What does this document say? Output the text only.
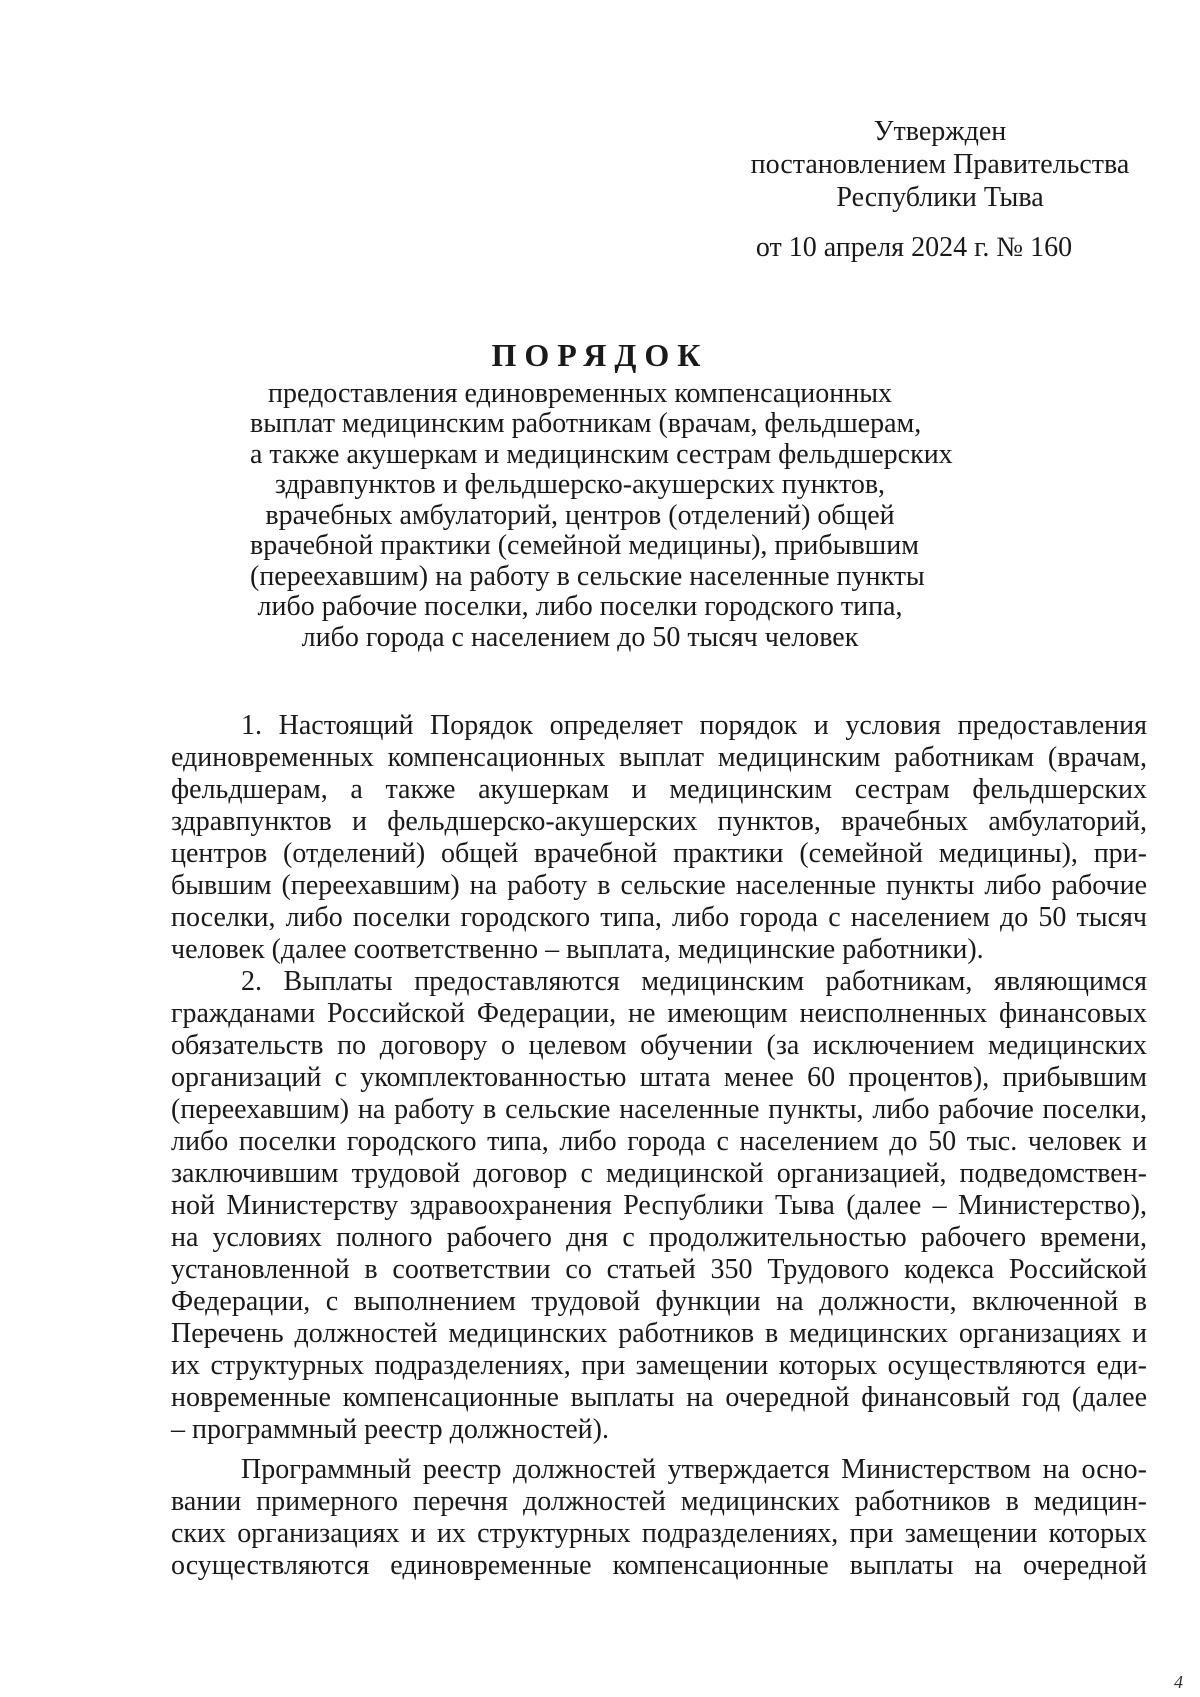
Утвержден
постановлением Правительства
Республики Тыва
от 10 апреля 2024 г. № 160
ПОРЯДОК
предоставления единовременных компенсационных
выплат медицинским работникам (врачам, фельдшерам,
а также акушеркам и медицинским сестрам фельдшерских
здравпунктов и фельдшерско-акушерских пунктов,
врачебных амбулаторий, центров (отделений) общей
врачебной практики (семейной медицины), прибывшим
(переехавшим) на работу в сельские населенные пункты
либо рабочие поселки, либо поселки городского типа,
либо города с населением до 50 тысяч человек
1. Настоящий Порядок определяет порядок и условия предоставления
единовременных компенсационных выплат медицинским работникам (врачам,
фельдшерам, а также акушеркам и медицинским сестрам фельдшерских
здравпунктов и фельдшерско-акушерских пунктов, врачебных амбулаторий,
центров (отделений) общей врачебной практики (семейной медицины), при-
бывшим (переехавшим) на работу в сельские населенные пункты либо рабочие
поселки, либо поселки городского типа, либо города с населением до 50 тысяч
человек (далее соответственно – выплата, медицинские работники).
2. Выплаты предоставляются медицинским работникам, являющимся
гражданами Российской Федерации, не имеющим неисполненных финансовых
обязательств по договору о целевом обучении (за исключением медицинских
организаций с укомплектованностью штата менее 60 процентов), прибывшим
(переехавшим) на работу в сельские населенные пункты, либо рабочие поселки,
либо поселки городского типа, либо города с населением до 50 тыс. человек и
заключившим трудовой договор с медицинской организацией, подведомствен-
ной Министерству здравоохранения Республики Тыва (далее – Министерство),
на условиях полного рабочего дня с продолжительностью рабочего времени,
установленной в соответствии со статьей 350 Трудового кодекса Российской
Федерации, с выполнением трудовой функции на должности, включенной в
Перечень должностей медицинских работников в медицинских организациях и
их структурных подразделениях, при замещении которых осуществляются еди-
новременные компенсационные выплаты на очередной финансовый год (далее
– программный реестр должностей).
Программный реестр должностей утверждается Министерством на осно-
вании примерного перечня должностей медицинских работников в медицин-
ских организациях и их структурных подразделениях, при замещении которых
осуществляются единовременные компенсационные выплаты на очередной
4
